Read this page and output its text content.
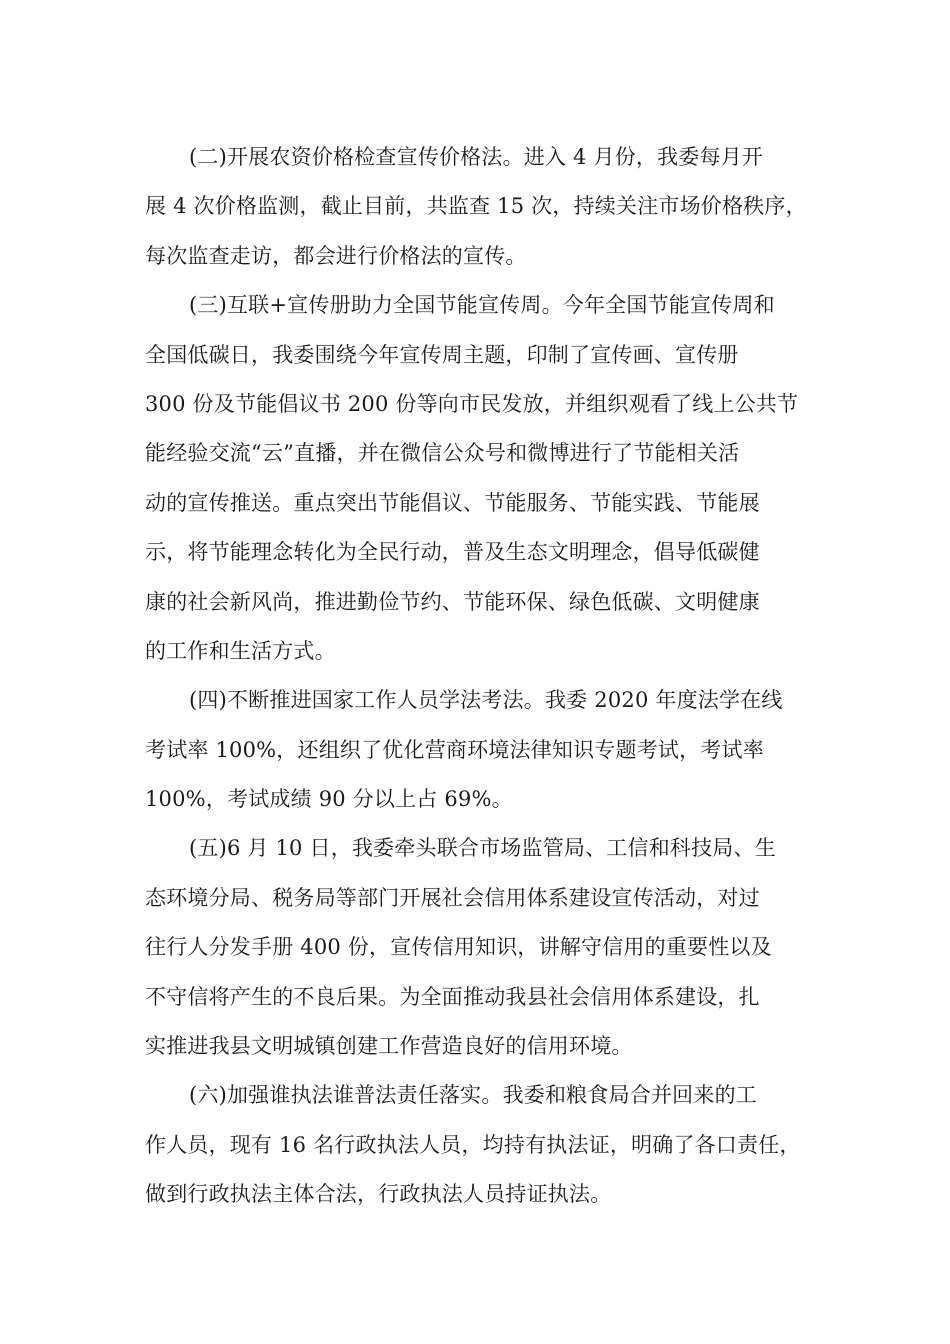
(二)开展农资价格检查宣传价格法。进入 4 月份，我委每月开
展 4 次价格监测，截止目前，共监查 15 次，持续关注市场价格秩序，
每次监查走访，都会进行价格法的宣传。
(三)互联+宣传册助力全国节能宣传周。今年全国节能宣传周和
全国低碳日，我委围绕今年宣传周主题，印制了宣传画、宣传册
300 份及节能倡议书 200 份等向市民发放，并组织观看了线上公共节
能经验交流“云”直播，并在微信公众号和微博进行了节能相关活
动的宣传推送。重点突出节能倡议、节能服务、节能实践、节能展
示，将节能理念转化为全民行动，普及生态文明理念，倡导低碳健
康的社会新风尚，推进勤俭节约、节能环保、绿色低碳、文明健康
的工作和生活方式。
(四)不断推进国家工作人员学法考法。我委 2020 年度法学在线
考试率 100%，还组织了优化营商环境法律知识专题考试，考试率
100%，考试成绩 90 分以上占 69%。
(五)6 月 10 日，我委牵头联合市场监管局、工信和科技局、生
态环境分局、税务局等部门开展社会信用体系建设宣传活动，对过
往行人分发手册 400 份，宣传信用知识，讲解守信用的重要性以及
不守信将产生的不良后果。为全面推动我县社会信用体系建设，扎
实推进我县文明城镇创建工作营造良好的信用环境。
(六)加强谁执法谁普法责任落实。我委和粮食局合并回来的工
作人员，现有 16 名行政执法人员，均持有执法证，明确了各口责任，
做到行政执法主体合法，行政执法人员持证执法。
